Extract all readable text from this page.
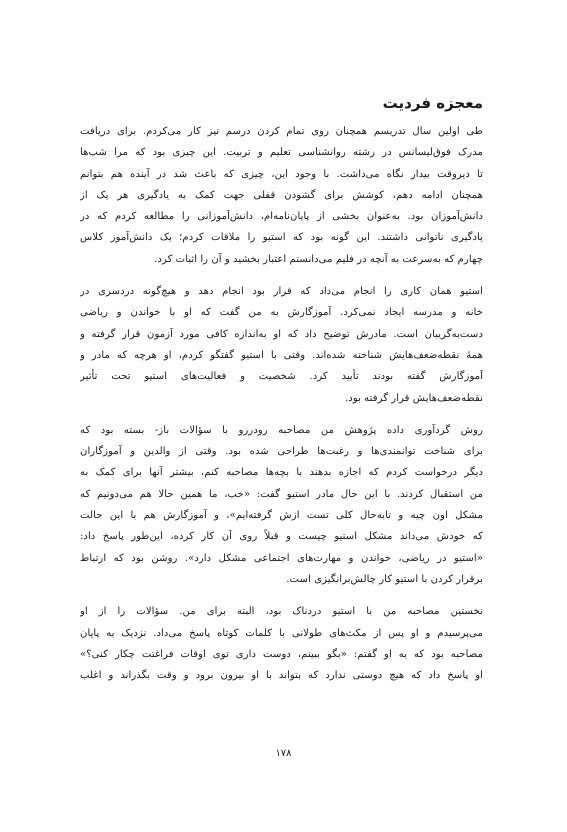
معجزه فردیت
طی اولین سال تدریسم همچنان روی تمام کردن درسم نیز کار می‌کردم. برای دریافت
مدرک فوق‌لیسانس در رشته روانشناسی تعلیم و تربیت. این چیزی بود که مرا شب‌ها
تا دیروقت بیدار نگاه می‌داشت. با وجود این، چیزی که باعث شد در آینده هم بتوانم
همچنان ادامه دهم، کوشش برای گشودن قفلی جهت کمک به یادگیری هر یک از
دانش‌آموزان بود. به‌عنوان بخشی از پایان‌نامه‌ام، دانش‌آموزانی را مطالعه کردم که در
یادگیری ناتوانی داشتند. این گونه بود که استیو را ملاقات کردم؛ یک دانش‌آموز کلاس
چهارم که به‌سرعت به آنچه در فلیم می‌دانستم اعتبار بخشید و آن را اثبات کرد.
استیو همان کاری را انجام می‌داد که قرار بود انجام دهد و هیچ‌گونه دردسری در
خانه و مدرسه ایجاد نمی‌کرد. آموزگارش به من گفت که او با خواندن و ریاضی
دست‌به‌گریبان است. مادرش توضیح داد که او به‌اندازه کافی مورد آزمون قرار گرفته و
همهٔ نقطه‌ضعف‌هایش شناخته شده‌اند. وقتی با استیو گفتگو کردم، او هرچه که مادر و
آموزگارش گفته بودند تأیید کرد. شخصیت و فعالیت‌های استیو تحت تأثیر
نقطه‌ضعف‌هایش قرار گرفته بود.
روش گردآوری داده پژوهش من مصاحبه رودررو با سؤالات باز- بسته بود که
برای شناخت توانمندی‌ها و رغبت‌ها طراحی شده بود. وقتی از والدین و آموزگاران
دیگر درخواست کردم که اجازه بدهند با بچه‌ها مصاحبه کنم، بیشتر آنها برای کمک به
من استقبال کردند. با این حال مادر استیو گفت: «خب، ما همین حالا هم می‌دونیم که
مشکل اون چیه و تابه‌حال کلی تست ازش گرفته‌ایم»، و آموزگارش هم با این حالت
که خودش می‌داند مشکل استیو چیست و قبلاً روی آن کار کرده، این‌طور پاسخ داد:
«استیو در ریاضی، خواندن و مهارت‌های اجتماعی مشکل دارد». روشن بود که ارتباط
برقرار کردن با استیو کار چالش‌برانگیزی است.
نخستین مصاحبه من با استیو دردناک بود، البته برای من. سؤالات را از او
می‌پرسیدم و او پس از مکث‌های طولانی با کلمات کوتاه پاسخ می‌داد. نزدیک به پایان
مصاحبه بود که به او گفتم: «بگو ببینم، دوست داری توی اوقات فراغتت چکار کنی؟»
او پاسخ داد که هیچ دوستی ندارد که بتواند با او بیرون برود و وقت بگذراند و اغلب
۱۷۸
